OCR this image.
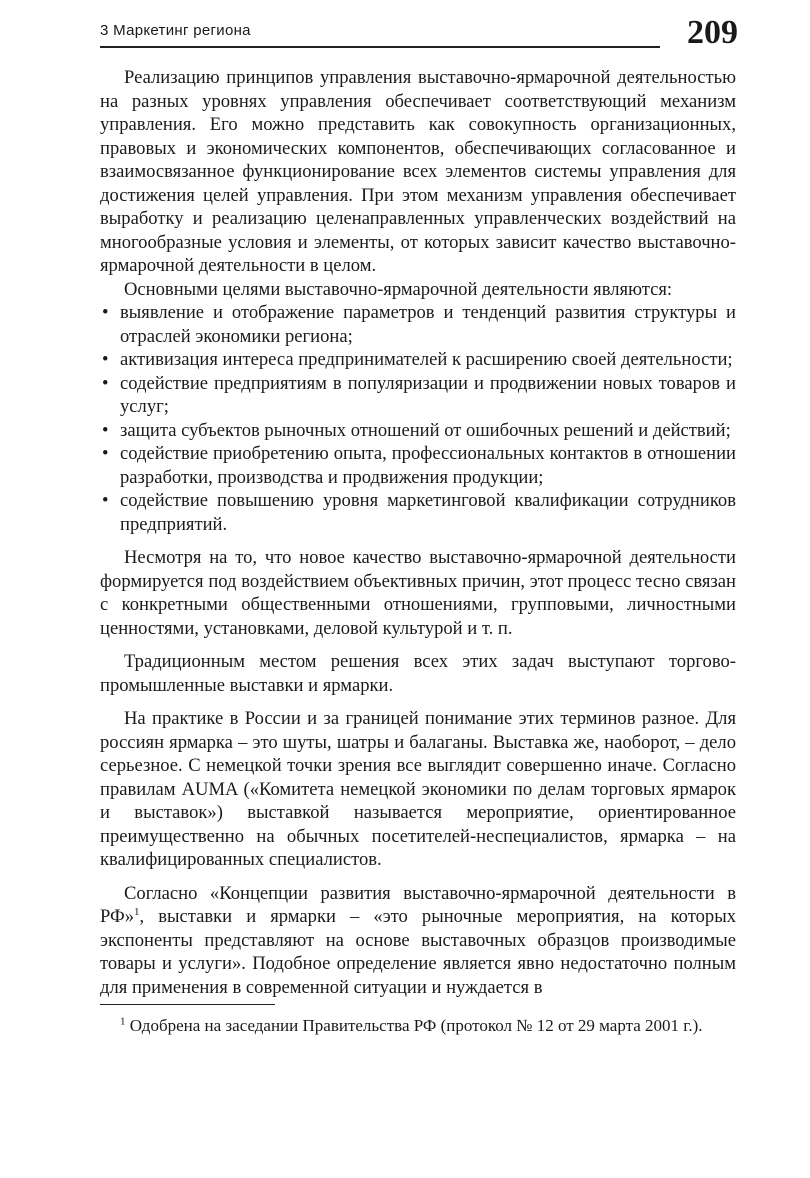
3 Маркетинг региона	209

Реализацию принципов управления выставочно-ярмарочной деятельностью на разных уровнях управления обеспечивает соответствующий механизм управления. Его можно представить как совокупность организационных, правовых и экономических компонентов, обеспечивающих согласованное и взаимосвязанное функционирование всех элементов системы управления для достижения целей управления. При этом механизм управления обеспечивает выработку и реализацию целенаправленных управленческих воздействий на многообразные условия и элементы, от которых зависит качество выставочно-ярмарочной деятельности в целом.

Основными целями выставочно-ярмарочной деятельности являются:

• выявление и отображение параметров и тенденций развития структуры и отраслей экономики региона;
• активизация интереса предпринимателей к расширению своей деятельности;
• содействие предприятиям в популяризации и продвижении новых товаров и услуг;
• защита субъектов рыночных отношений от ошибочных решений и действий;
• содействие приобретению опыта, профессиональных контактов в отношении разработки, производства и продвижения продукции;
• содействие повышению уровня маркетинговой квалификации сотрудников предприятий.

Несмотря на то, что новое качество выставочно-ярмарочной деятельности формируется под воздействием объективных причин, этот процесс тесно связан с конкретными общественными отношениями, групповыми, личностными ценностями, установками, деловой культурой и т. п.

Традиционным местом решения всех этих задач выступают торгово-промышленные выставки и ярмарки.

На практике в России и за границей понимание этих терминов разное. Для россиян ярмарка – это шуты, шатры и балаганы. Выставка же, наоборот, – дело серьезное. С немецкой точки зрения все выглядит совершенно иначе. Согласно правилам AUMA («Комитета немецкой экономики по делам торговых ярмарок и выставок») выставкой называется мероприятие, ориентированное преимущественно на обычных посетителей-неспециалистов, ярмарка – на квалифицированных специалистов.

Согласно «Концепции развития выставочно-ярмарочной деятельности в РФ»$^1$, выставки и ярмарки – «это рыночные мероприятия, на которых экспоненты представляют на основе выставочных образцов производимые товары и услуги». Подобное определение является явно недостаточно полным для применения в современной ситуации и нуждается в

$^1$ Одобрена на заседании Правительства РФ (протокол № 12 от 29 марта 2001 г.).
